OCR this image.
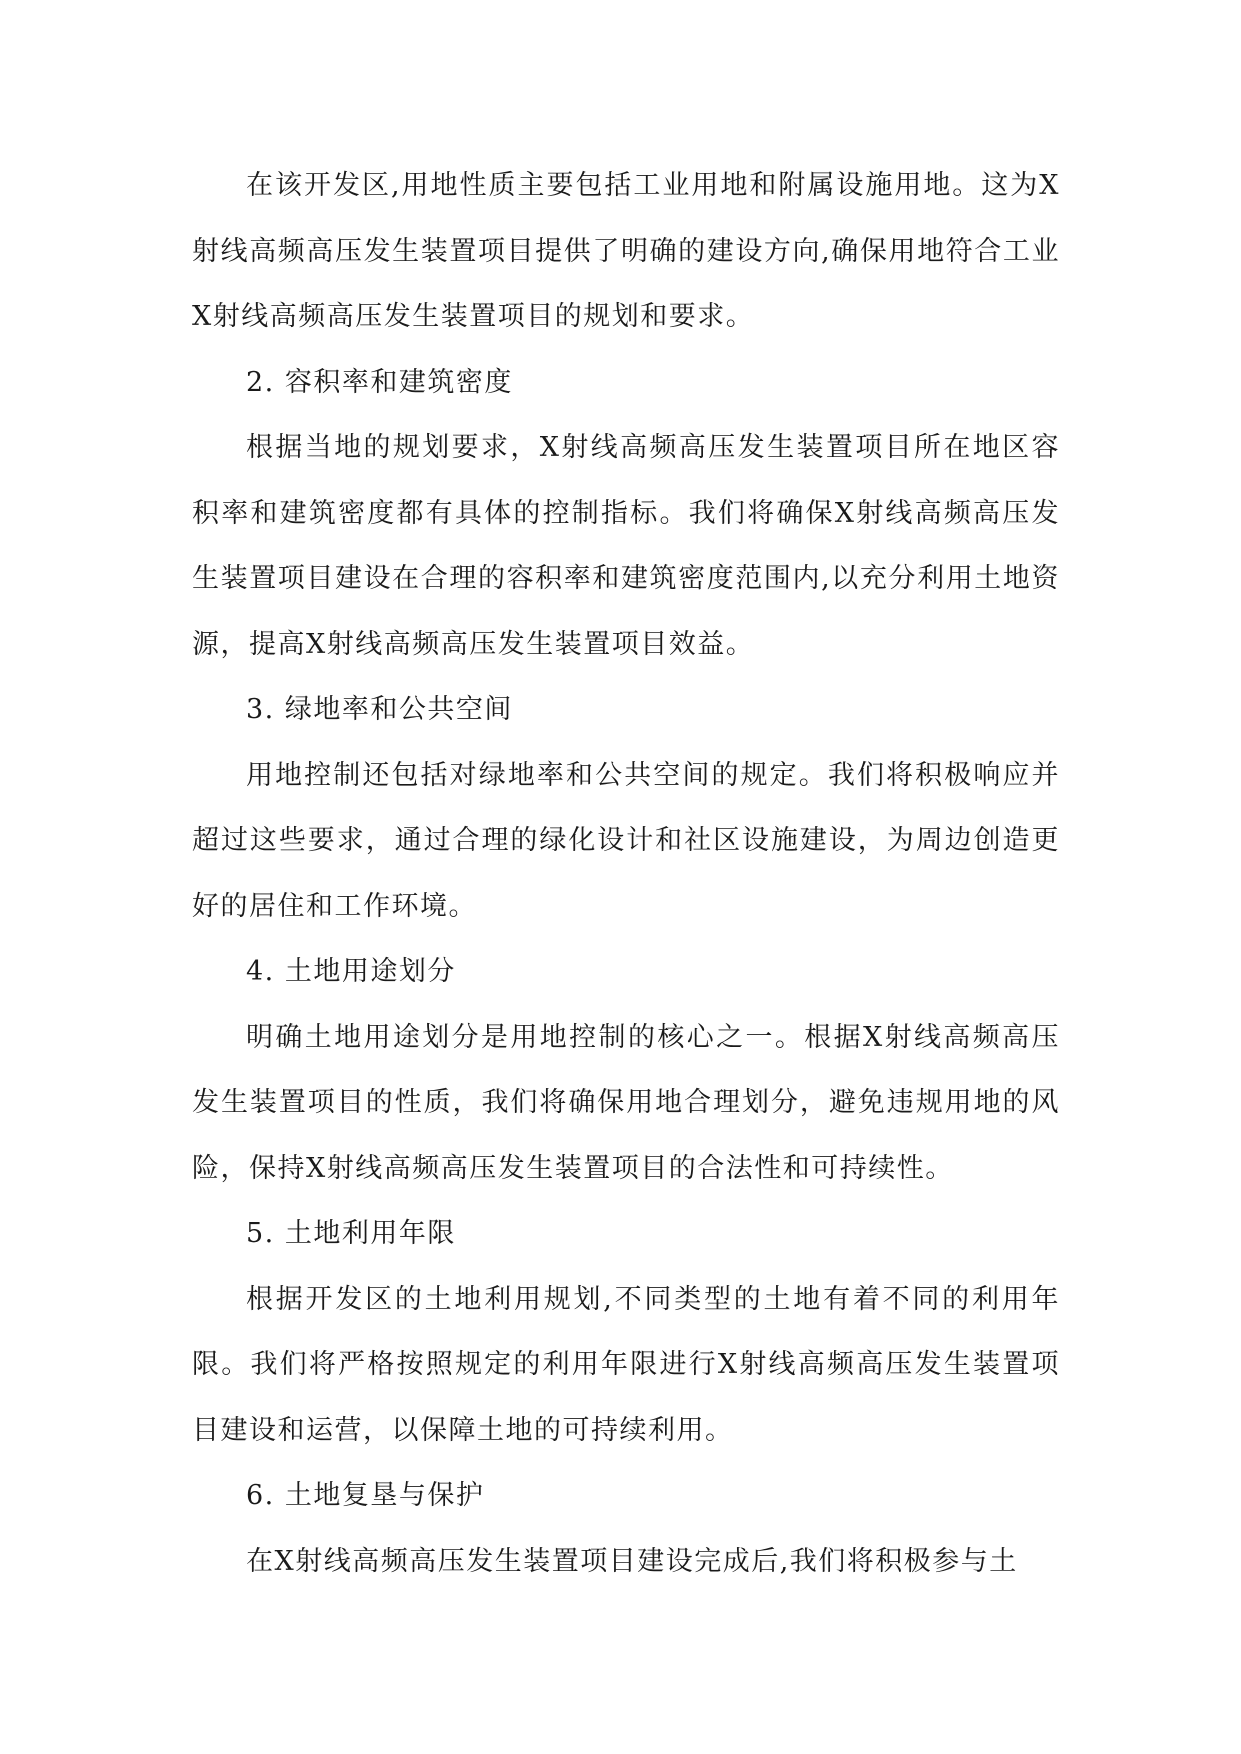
在该开发区,用地性质主要包括工业用地和附属设施用地。这为X射线高频高压发生装置项目提供了明确的建设方向,确保用地符合工业X射线高频高压发生装置项目的规划和要求。

2. 容积率和建筑密度

根据当地的规划要求，X射线高频高压发生装置项目所在地区容积率和建筑密度都有具体的控制指标。我们将确保X射线高频高压发生装置项目建设在合理的容积率和建筑密度范围内,以充分利用土地资源，提高X射线高频高压发生装置项目效益。

3. 绿地率和公共空间

用地控制还包括对绿地率和公共空间的规定。我们将积极响应并超过这些要求，通过合理的绿化设计和社区设施建设，为周边创造更好的居住和工作环境。

4. 土地用途划分

明确土地用途划分是用地控制的核心之一。根据X射线高频高压发生装置项目的性质，我们将确保用地合理划分，避免违规用地的风险，保持X射线高频高压发生装置项目的合法性和可持续性。

5. 土地利用年限

根据开发区的土地利用规划,不同类型的土地有着不同的利用年限。我们将严格按照规定的利用年限进行X射线高频高压发生装置项目建设和运营，以保障土地的可持续利用。

6. 土地复垦与保护

在X射线高频高压发生装置项目建设完成后,我们将积极参与土
